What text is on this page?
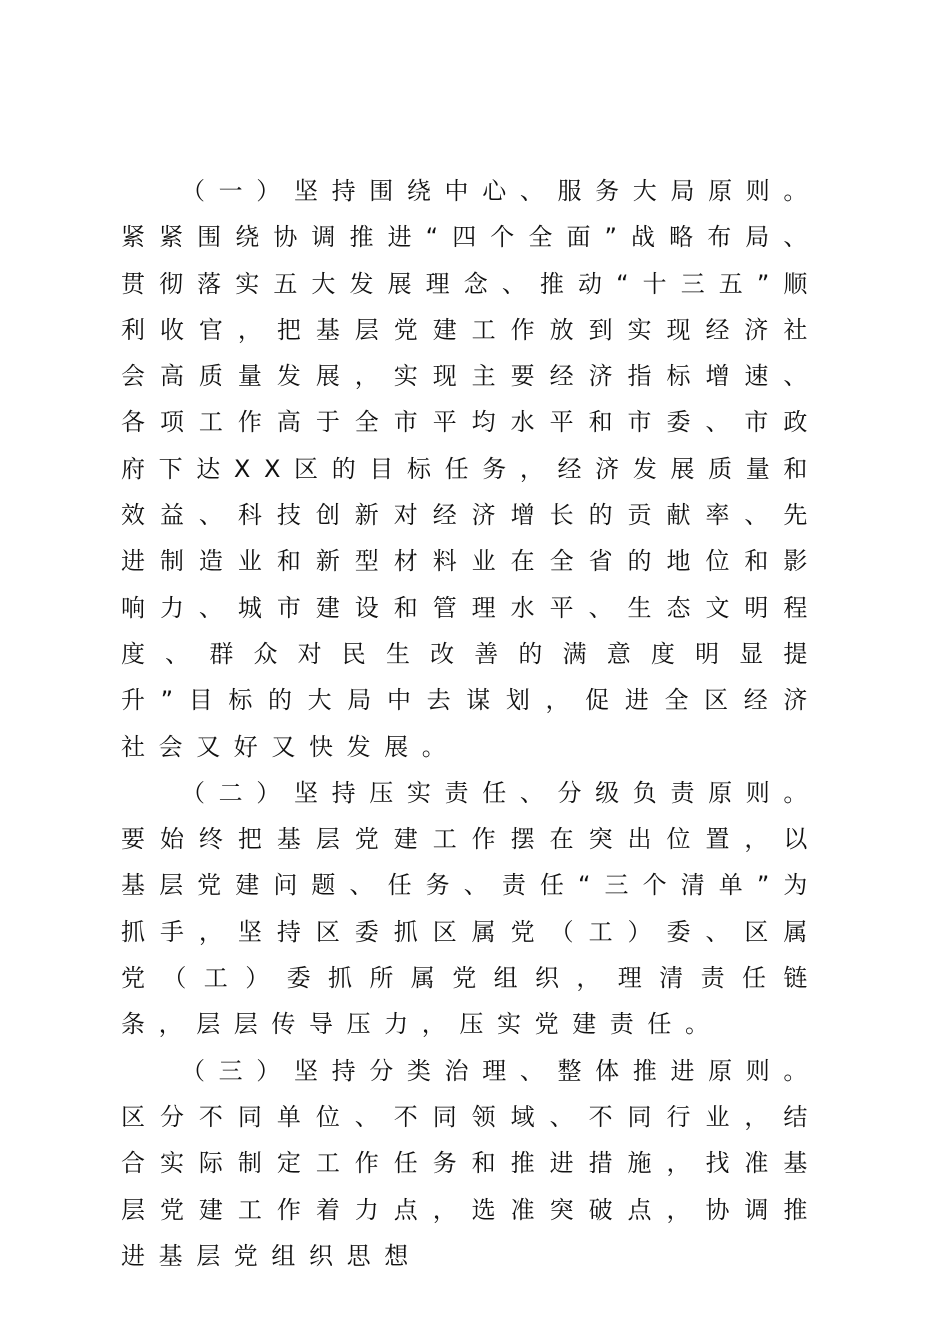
（一）坚持围绕中心、服务大局原则。紧紧围绕协调推进“四个全面”战略布局、贯彻落实五大发展理念、推动“十三五”顺利收官，把基层党建工作放到实现经济社会高质量发展，实现主要经济指标增速、各项工作高于全市平均水平和市委、市政府下达XX区的目标任务，经济发展质量和效益、科技创新对经济增长的贡献率、先进制造业和新型材料业在全省的地位和影响力、城市建设和管理水平、生态文明程度、群众对民生改善的满意度明显提升”目标的大局中去谋划，促进全区经济社会又好又快发展。

（二）坚持压实责任、分级负责原则。要始终把基层党建工作摆在突出位置，以基层党建问题、任务、责任“三个清单”为抓手，坚持区委抓区属党（工）委、区属党（工）委抓所属党组织，理清责任链条，层层传导压力，压实党建责任。

（三）坚持分类治理、整体推进原则。区分不同单位、不同领域、不同行业，结合实际制定工作任务和推进措施，找准基层党建工作着力点，选准突破点，协调推进基层党组织思想
